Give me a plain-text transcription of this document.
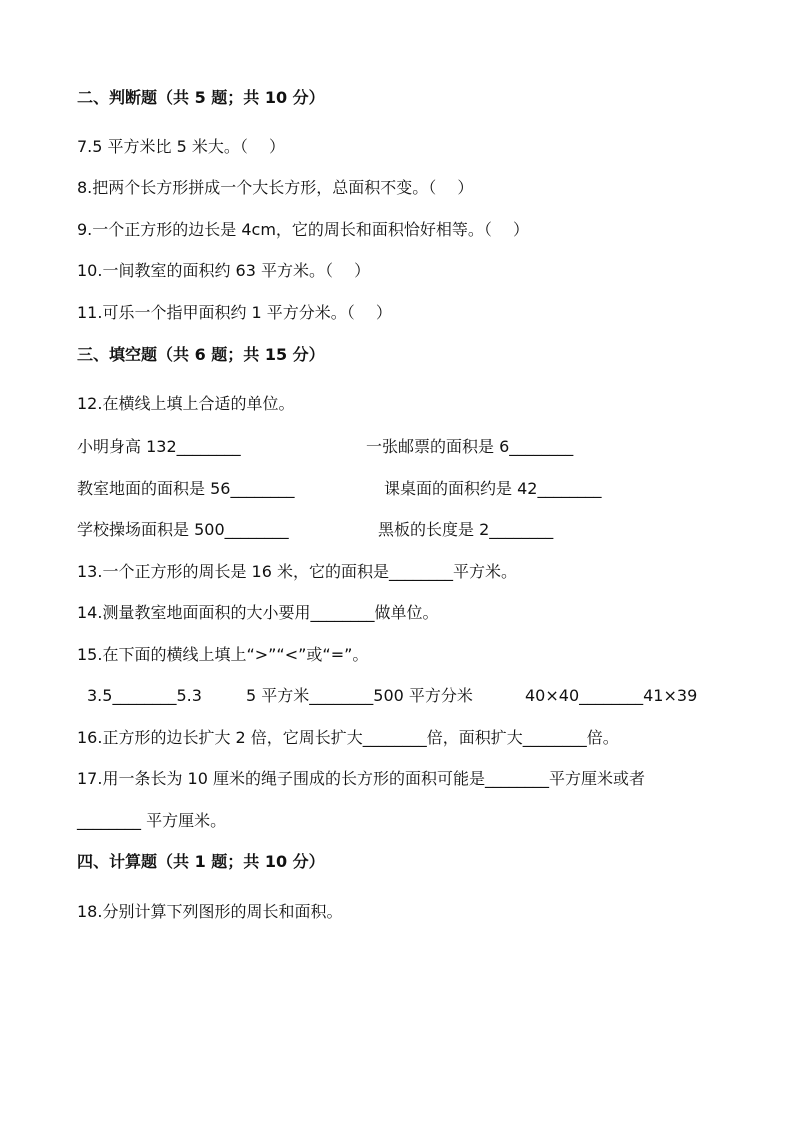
二、判断题（共 5 题；共 10 分）
7.5 平方米比 5 米大。（　 ）
8.把两个长方形拼成一个大长方形，总面积不变。（　 ）
9.一个正方形的边长是 4cm，它的周长和面积恰好相等。（　 ）
10.一间教室的面积约 63 平方米。（　 ）
11.可乐一个指甲面积约 1 平方分米。（　 ）
三、填空题（共 6 题；共 15 分）
12.在横线上填上合适的单位。
小明身高 132________	一张邮票的面积是 6________
教室地面的面积是 56________	课桌面的面积约是 42________
学校操场面积是 500________	黑板的长度是 2________
13.一个正方形的周长是 16 米，它的面积是________平方米。
14.测量教室地面面积的大小要用________做单位。
15.在下面的横线上填上“>”“<”或“=”。
3.5________5.3	5 平方米________500 平方分米	40×40________41×39
16.正方形的边长扩大 2 倍，它周长扩大________倍，面积扩大________倍。
17.用一条长为 10 厘米的绳子围成的长方形的面积可能是________平方厘米或者
________ 平方厘米。
四、计算题（共 1 题；共 10 分）
18.分别计算下列图形的周长和面积。
